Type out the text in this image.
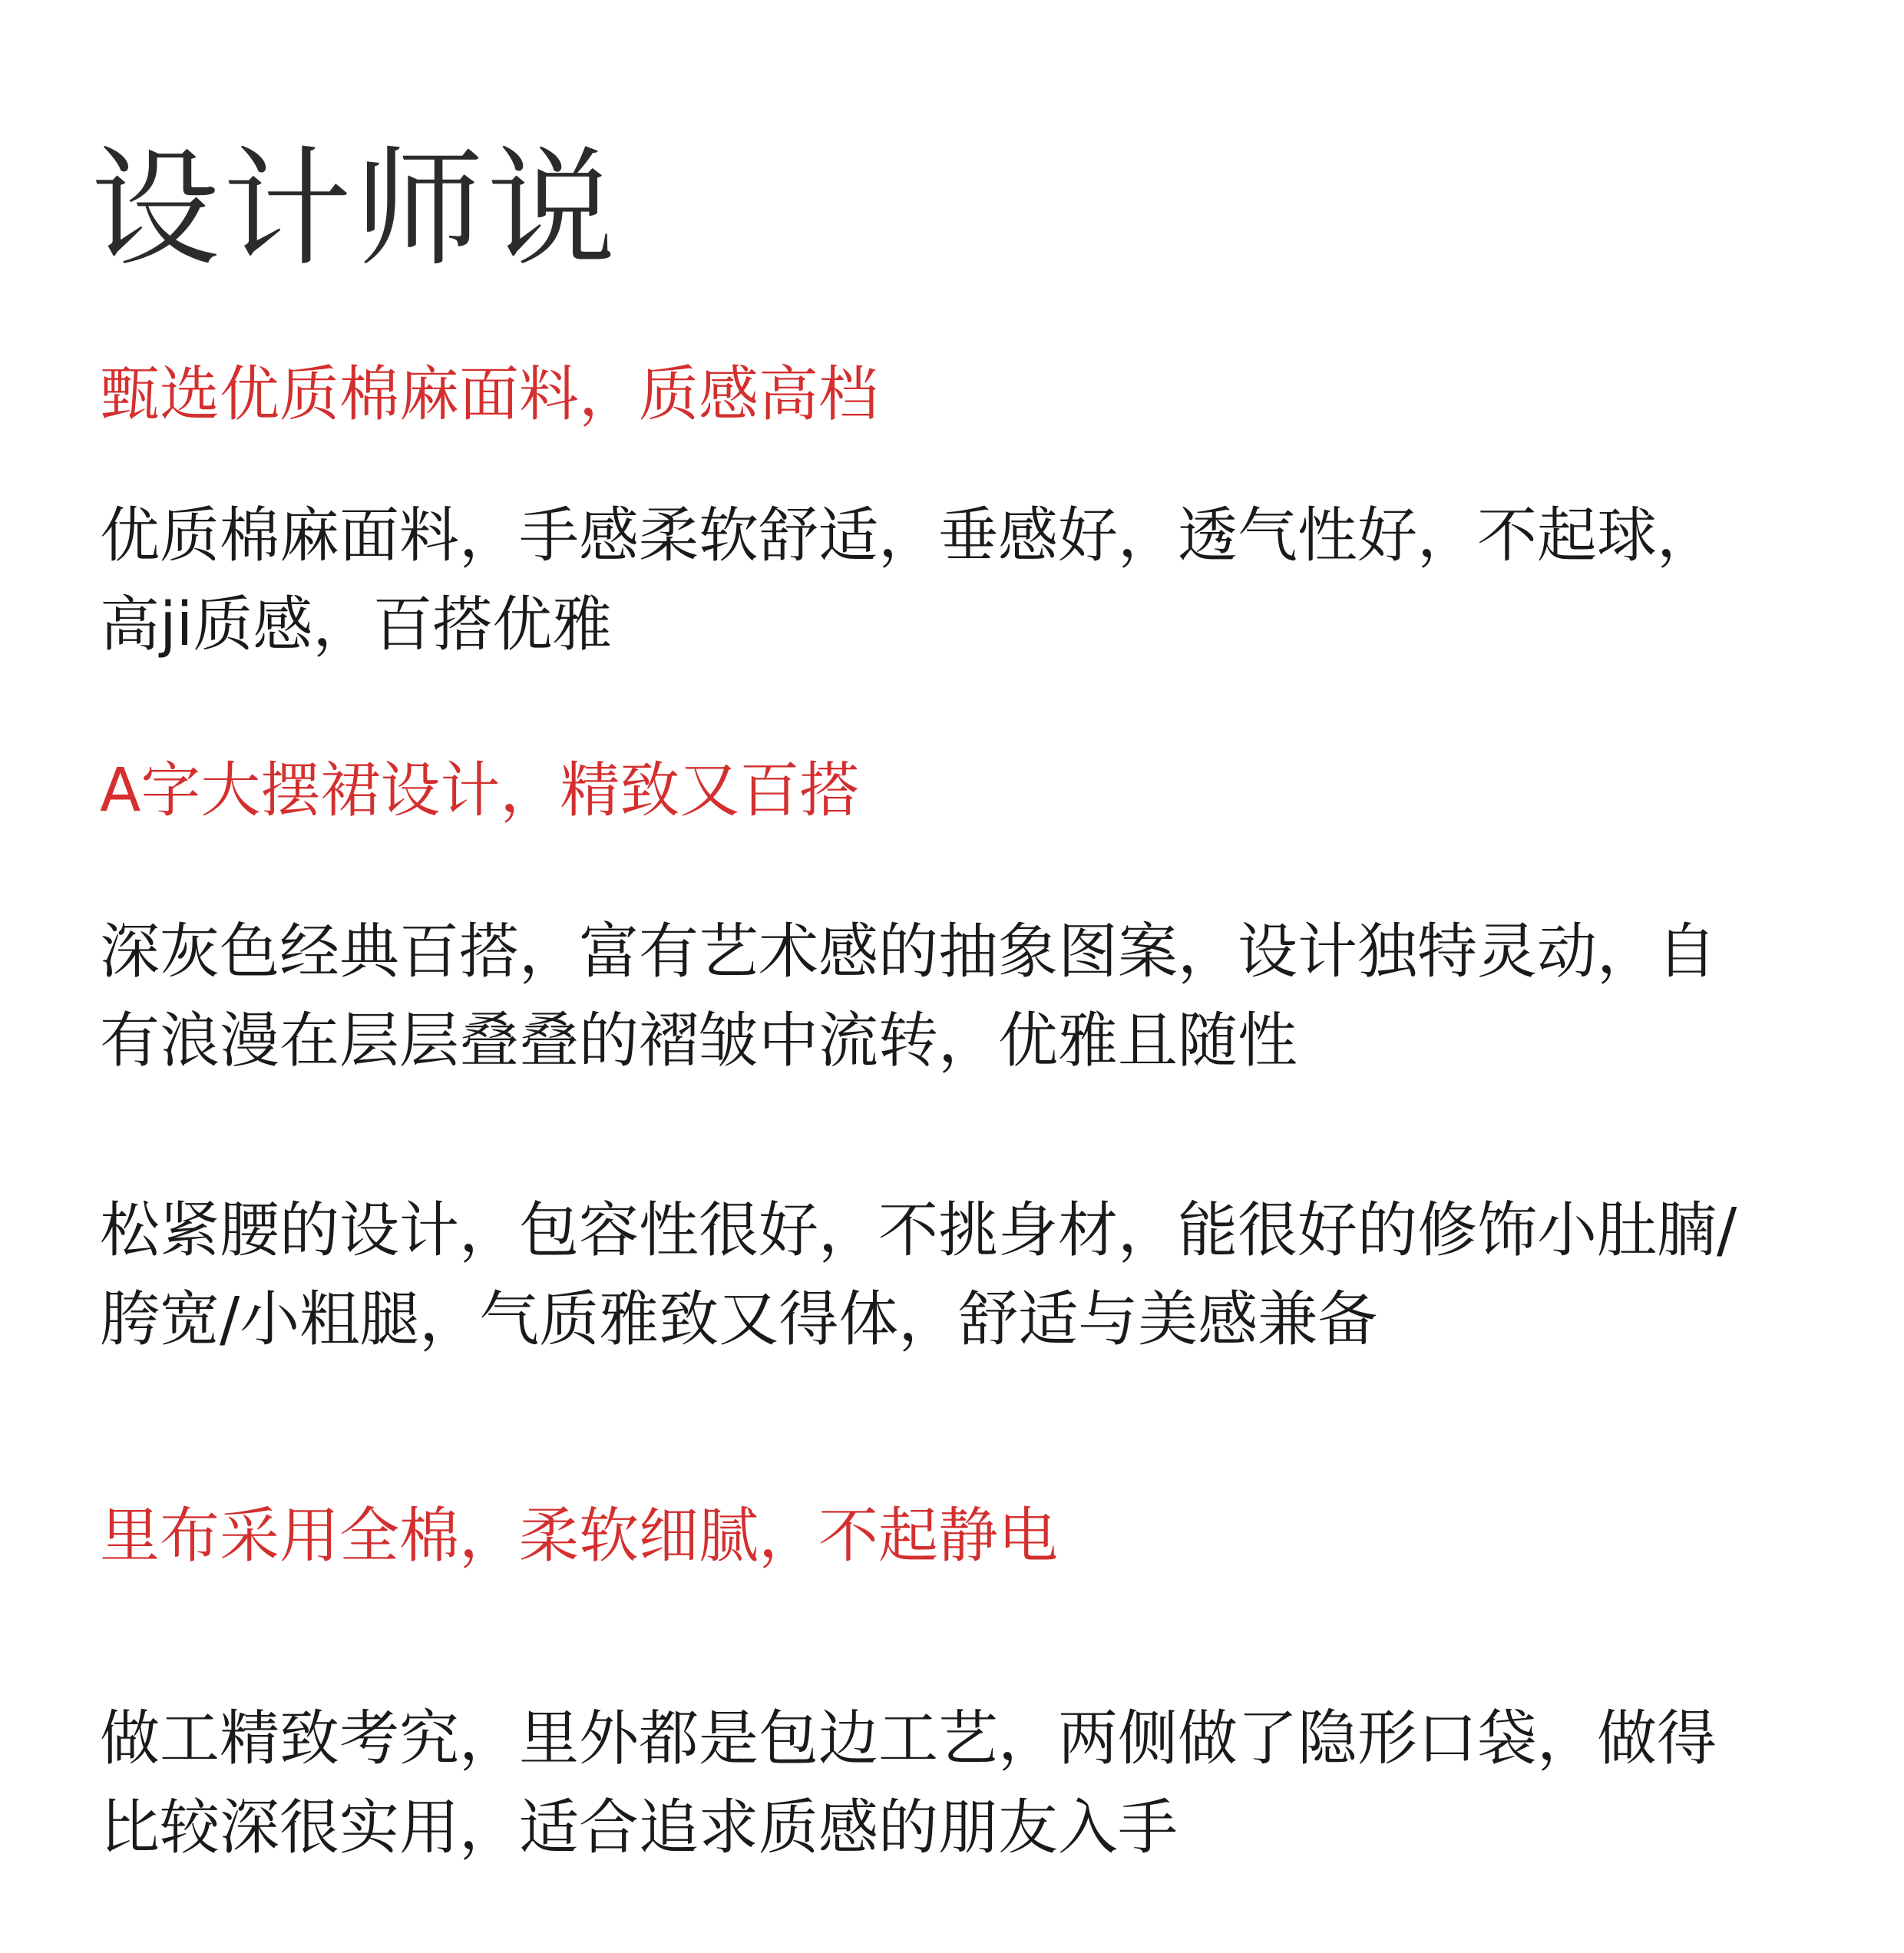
设计师说
甄选优质棉麻面料，质感高档
优质棉麻面料，手感柔软舒适，垂感好，透气性好，不起球，
高ji质感，百搭优雅
A字大摆裙设计，精致又百搭
深灰色经典百搭，富有艺术感的抽象图案，设计独特灵动，自
有浪漫在层层叠叠的褶皱中流转，优雅且随性
松紧腰的设计，包容性很好，不挑身材，能很好的修饰小肚腩/
胯宽/小粗腿，气质雅致又得体，舒适与美感兼备
里布采用全棉，柔软细腻，不起静电
做工精致考究，里外都是包边工艺，两侧做了隐形口袋，做得
比较深很实用，适合追求质感的朋友入手
